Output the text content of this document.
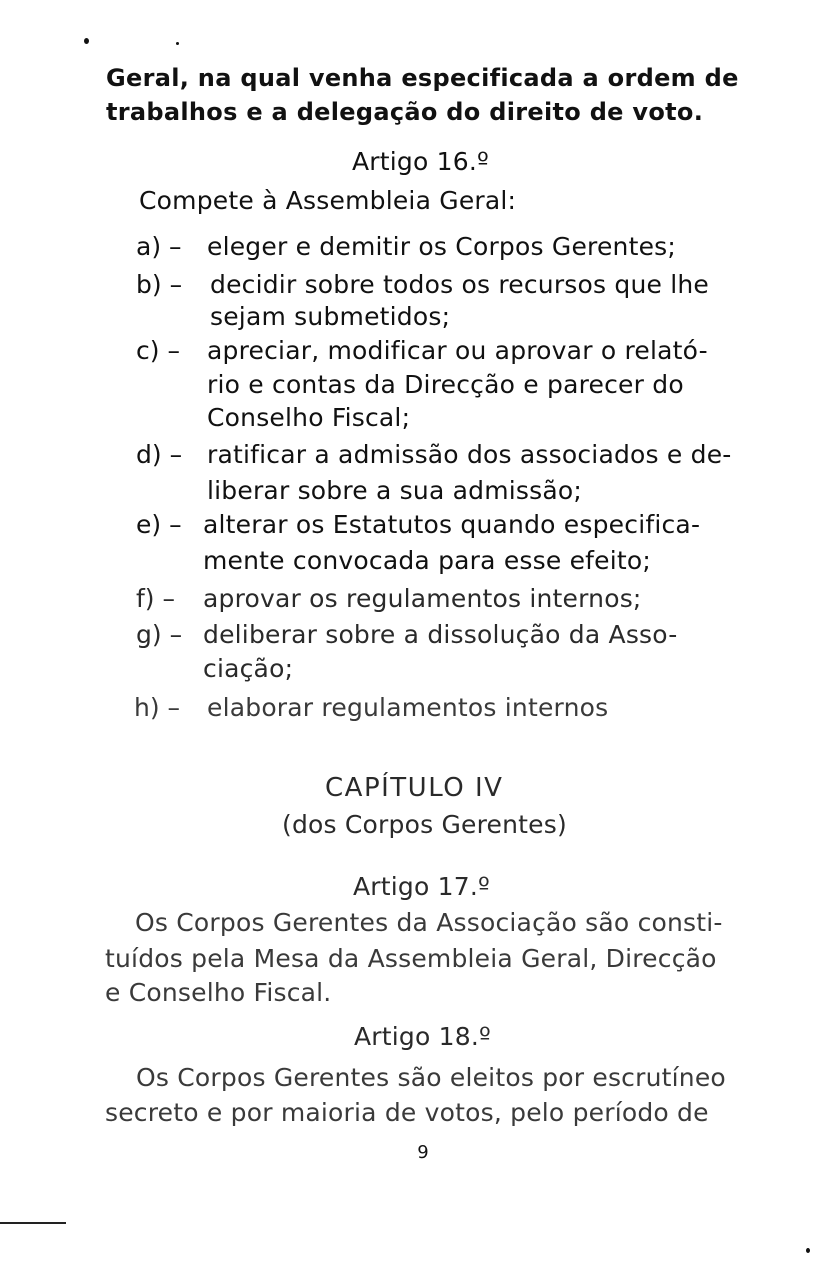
Geral, na qual venha especificada a ordem de
trabalhos e a delegação do direito de voto.
Artigo 16.º
Compete à Assembleia Geral:
a) – eleger e demitir os Corpos Gerentes;
b) – decidir sobre todos os recursos que lhe
sejam submetidos;
c) – apreciar, modificar ou aprovar o relató-
rio e contas da Direcção e parecer do
Conselho Fiscal;
d) – ratificar a admissão dos associados e de-
liberar sobre a sua admissão;
e) – alterar os Estatutos quando especifica-
mente convocada para esse efeito;
f) – aprovar os regulamentos internos;
g) – deliberar sobre a dissolução da Asso-
ciação;
h) – elaborar regulamentos internos
CAPÍTULO IV
(dos Corpos Gerentes)
Artigo 17.º
Os Corpos Gerentes da Associação são consti-
tuídos pela Mesa da Assembleia Geral, Direcção
e Conselho Fiscal.
Artigo 18.º
Os Corpos Gerentes são eleitos por escrutíneo
secreto e por maioria de votos, pelo período de
9
